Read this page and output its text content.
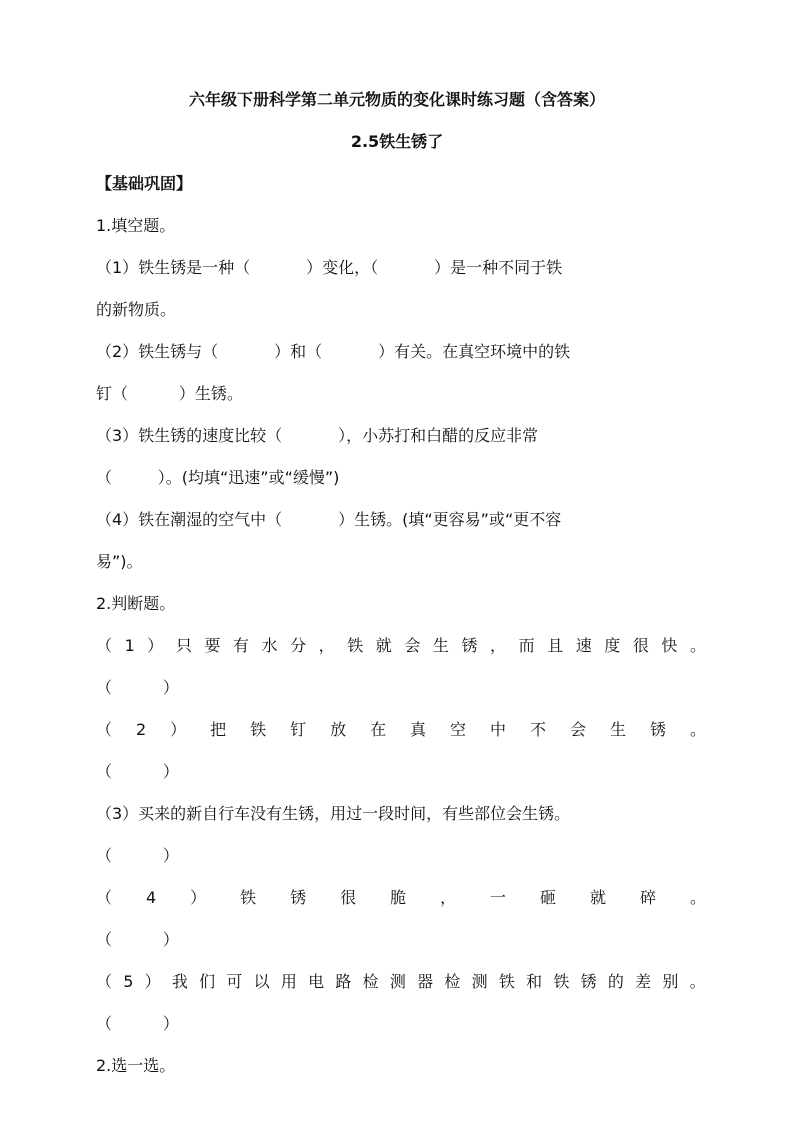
六年级下册科学第二单元物质的变化课时练习题（含答案）
2.5铁生锈了
【基础巩固】
1.填空题。
（1）铁生锈是一种（           ）变化，（           ）是一种不同于铁
的新物质。
（2）铁生锈与（           ）和（           ）有关。在真空环境中的铁
钉（          ）生锈。
（3）铁生锈的速度比较（           ），小苏打和白醋的反应非常
（         ）。(均填“迅速”或“缓慢”)
（4）铁在潮湿的空气中（           ）生锈。(填“更容易”或“更不容
易”)。
2.判断题。
（ 1 ） 只 要 有 水 分 ， 铁 就 会 生 锈 ， 而 且 速 度 很 快 。
（          ）
（ 2 ） 把 铁 钉 放 在 真 空 中 不 会 生 锈 。
（          ）
（3）买来的新自行车没有生锈，用过一段时间，有些部位会生锈。
（          ）
（ 4 ） 铁 锈 很 脆 ， 一 砸 就 碎 。
（          ）
（ 5 ） 我 们 可 以 用 电 路 检 测 器 检 测 铁 和 铁 锈 的 差 别 。
（          ）
2.选一选。
